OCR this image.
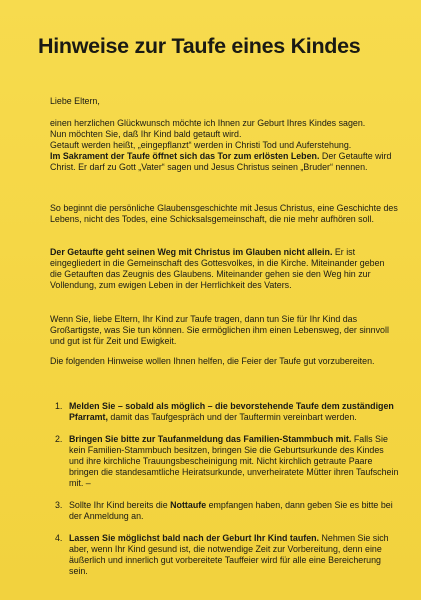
Hinweise zur Taufe eines Kindes

Liebe Eltern,

einen herzlichen Glückwunsch möchte ich Ihnen zur Geburt Ihres Kindes sagen.

Nun möchten Sie, daß Ihr Kind bald getauft wird.

Getauft werden heißt, „eingepflanzt“ werden in Christi Tod und Auferstehung.

Im Sakrament der Taufe öffnet sich das Tor zum erlösten Leben. Der Getaufte wird Christ. Er darf zu Gott „Vater“ sagen und Jesus Christus seinen „Bruder“ nennen.

So beginnt die persönliche Glaubensgeschichte mit Jesus Christus, eine Geschichte des Lebens, nicht des Todes, eine Schicksalsgemeinschaft, die nie mehr aufhören soll.

Der Getaufte geht seinen Weg mit Christus im Glauben nicht allein. Er ist eingegliedert in die Gemeinschaft des Gottesvolkes, in die Kirche. Miteinander geben die Getauften das Zeugnis des Glaubens. Miteinander gehen sie den Weg hin zur Vollendung, zum ewigen Leben in der Herrlichkeit des Vaters.

Wenn Sie, liebe Eltern, Ihr Kind zur Taufe tragen, dann tun Sie für Ihr Kind das Großartigste, was Sie tun können. Sie ermöglichen ihm einen Lebensweg, der sinnvoll und gut ist für Zeit und Ewigkeit.

Die folgenden Hinweise wollen Ihnen helfen, die Feier der Taufe gut vorzubereiten.

1. Melden Sie – sobald als möglich – die bevorstehende Taufe dem zuständigen Pfarramt, damit das Taufgespräch und der Tauftermin vereinbart werden.
2. Bringen Sie bitte zur Taufanmeldung das Familien-Stammbuch mit. Falls Sie kein Familien-Stammbuch besitzen, bringen Sie die Geburtsurkunde des Kindes und ihre kirchliche Trauungsbescheinigung mit. Nicht kirchlich getraute Paare bringen die standesamtliche Heiratsurkunde, unverheiratete Mütter ihren Taufschein mit. –
3. Sollte Ihr Kind bereits die Nottaufe empfangen haben, dann geben Sie es bitte bei der Anmeldung an.
4. Lassen Sie möglichst bald nach der Geburt Ihr Kind taufen. Nehmen Sie sich aber, wenn Ihr Kind gesund ist, die notwendige Zeit zur Vorbereitung, denn eine äußerlich und innerlich gut vorbereitete Tauffeier wird für alle eine Bereicherung sein.
